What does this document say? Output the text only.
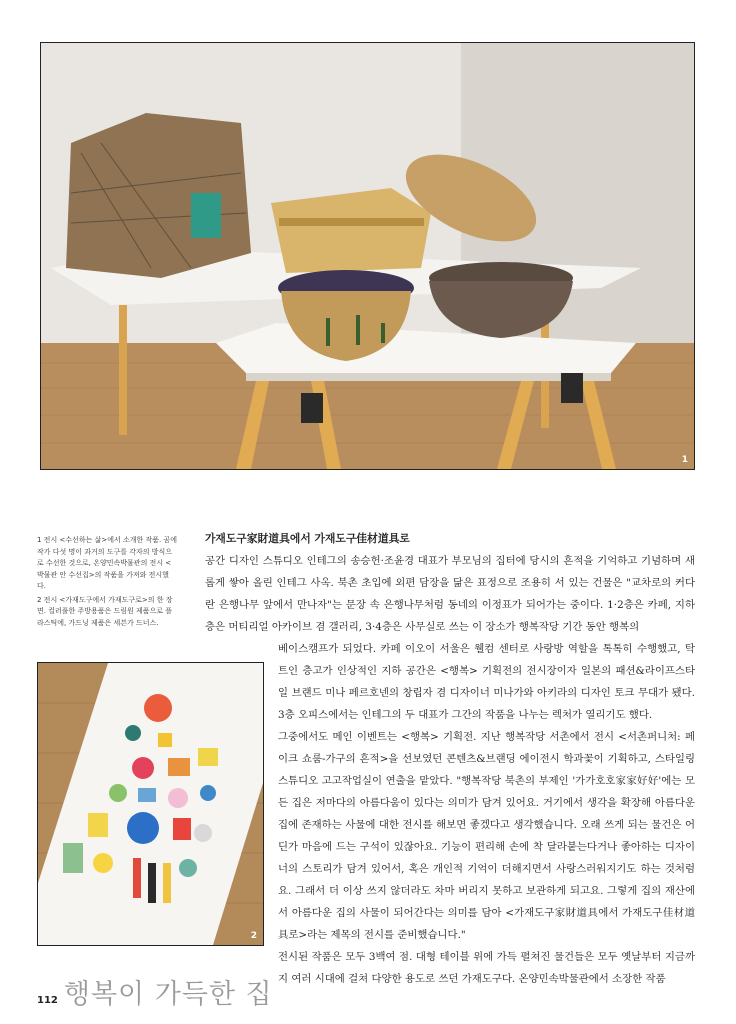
1

1 전시 <수선하는 삶>에서 소개한 작품. 곰에 작가 다섯 명이 과거의 도구를 각자의 방식으로 수선한 것으로, 온양민속박물관의 전시 <박물관 안 수선집>의 작품을 가져와 전시했다.

2 전시 <가재도구에서 가재도구로>의 한 장면. 컬러풀한 주방용품은 드림원 제품으로 플라스틱에, 가드닝 제품은 세븐가 드너스.

2

가재도구家財道具에서 가재도구佳材道具로

공간 디자인 스튜디오 인테그의 송승헌·조윤경 대표가 부모님의 집터에 당시의 흔적을 기억하고 기념하며 새롭게 쌓아 올린 인테그 사옥. 북촌 초입에 외편 담장을 닮은 표정으로 조용히 서 있는 건물은 "교차로의 커다란 은행나무 앞에서 만나자"는 문장 속 은행나무처럼 동네의 이정표가 되어가는 중이다. 1·2층은 카페, 지하층은 머티리얼 아카이브 겸 갤러리, 3·4층은 사무실로 쓰는 이 장소가 행복작당 기간 동안 행복의

베이스캠프가 되었다. 카페 이오이 서울은 웰컴 센터로 사랑방 역할을 톡톡히 수행했고, 탁 트인 층고가 인상적인 지하 공간은 <행복> 기획전의 전시장이자 일본의 패션&라이프스타일 브랜드 미나 페르호넨의 창립자 겸 디자이너 미나가와 아키라의 디자인 토크 무대가 됐다. 3층 오피스에서는 인테그의 두 대표가 그간의 작품을 나누는 렉처가 열리기도 했다.

그중에서도 메인 이벤트는 <행복> 기획전. 지난 행복작당 서촌에서 전시 <서촌퍼니처: 페이크 쇼룸-가구의 흔적>을 선보였던 콘텐츠&브랜딩 에이전시 학과꽃이 기획하고, 스타일링 스튜디오 고고작업실이 연출을 맡았다. "행복작당 북촌의 부제인 '가가호호家家好好'에는 모든 집은 저마다의 아름다움이 있다는 의미가 담겨 있어요. 거기에서 생각을 확장해 아름다운 집에 존재하는 사물에 대한 전시를 해보면 좋겠다고 생각했습니다. 오래 쓰게 되는 물건은 어딘가 마음에 드는 구석이 있잖아요. 기능이 편리해 손에 착 달라붙는다거나 좋아하는 디자이너의 스토리가 담겨 있어서, 혹은 개인적 기억이 더해지면서 사랑스러워지기도 하는 것처럼요. 그래서 더 이상 쓰지 않더라도 차마 버리지 못하고 보관하게 되고요. 그렇게 집의 재산에서 아름다운 집의 사물이 되어간다는 의미를 담아 <가재도구家財道具에서 가재도구佳材道具로>라는 제목의 전시를 준비했습니다."

전시된 작품은 모두 3백여 점. 대형 테이블 위에 가득 펼쳐진 물건들은 모두 옛날부터 지금까지 여러 시대에 걸쳐 다양한 용도로 쓰던 가재도구다. 온양민속박물관에서 소장한 작품

112 행복이 가득한 집
